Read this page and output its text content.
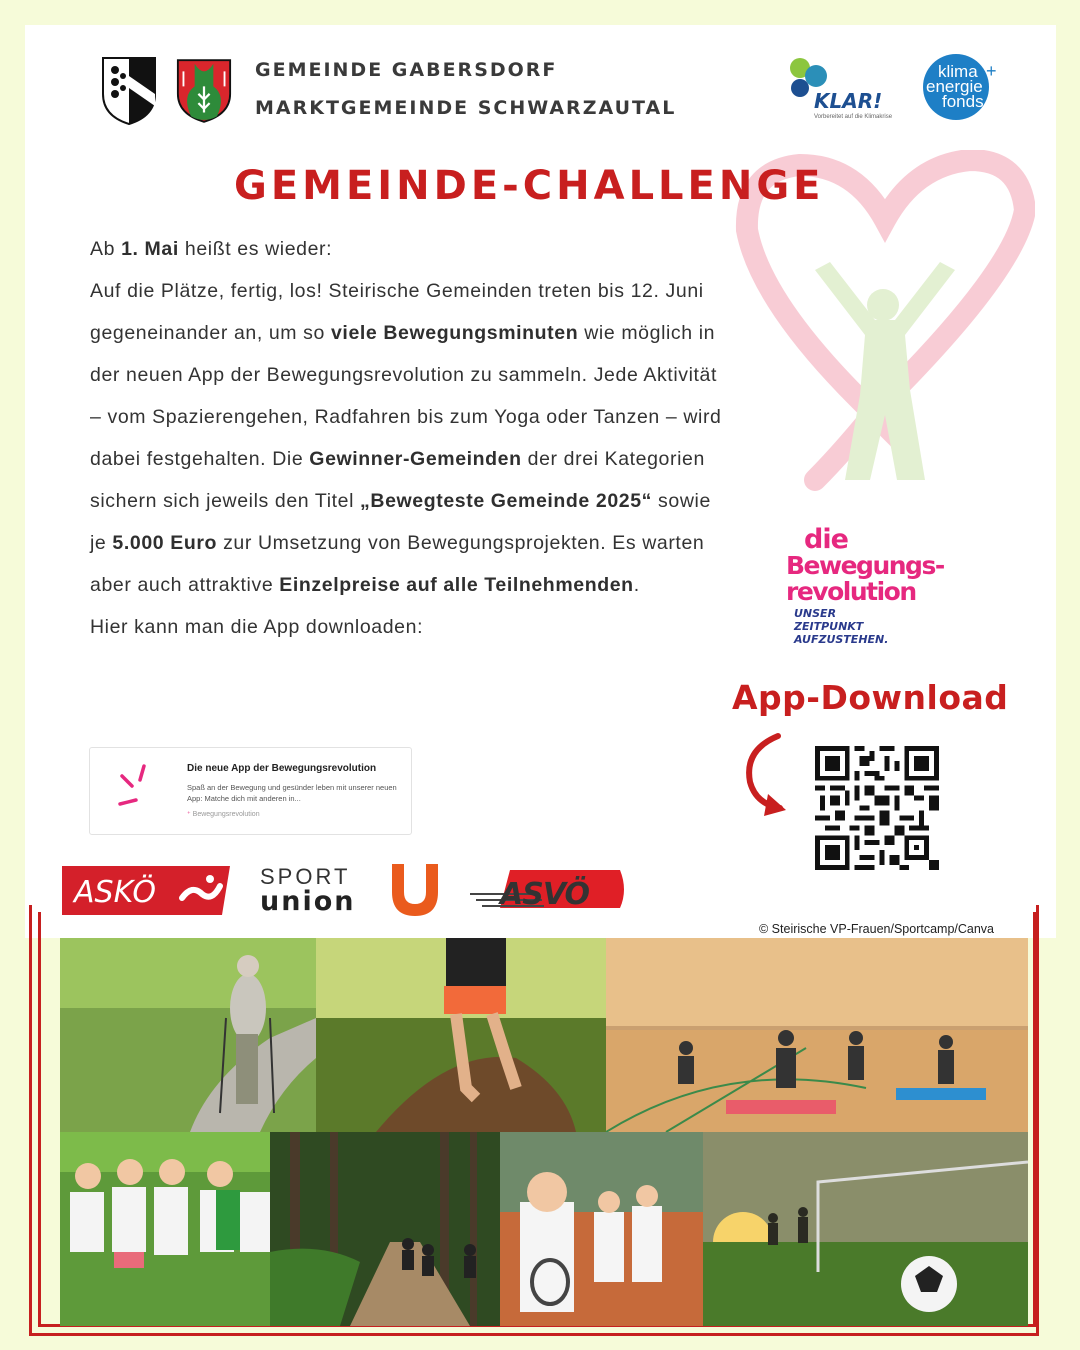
GEMEINDE GABERSDORF
MARKTGEMEINDE SCHWARZAUTAL	KLAR!
Vorbereitet auf die Klimakrise
klima
energie
fonds
+
GEMEINDE-CHALLENGE
Ab 1. Mai heißt es wieder:
Auf die Plätze, fertig, los! Steirische Gemeinden treten bis 12. Juni gegeneinander an, um so viele Bewegungsminuten wie möglich in der neuen App der Bewegungsrevolution zu sammeln. Jede Aktivität – vom Spazierengehen, Radfahren bis zum Yoga oder Tanzen – wird dabei festgehalten. Die Gewinner-Gemeinden der drei Kategorien sichern sich jeweils den Titel „Bewegteste Gemeinde 2025“ sowie je 5.000 Euro zur Umsetzung von Bewegungsprojekten. Es warten aber auch attraktive Einzelpreise auf alle Teilnehmenden.
Hier kann man die App downloaden:
Die neue App der Bewegungsrevolution
Spaß an der Bewegung und gesünder leben mit unserer neuen App: Matche dich mit anderen in...
⁺ Bewegungsrevolution
die
Bewegungs-
revolution
UNSER
ZEITPUNKT
AUFZUSTEHEN.
App-Download
ASKÖ	SPORT
union	ASVÖ
© Steirische VP-Frauen/Sportcamp/Canva
